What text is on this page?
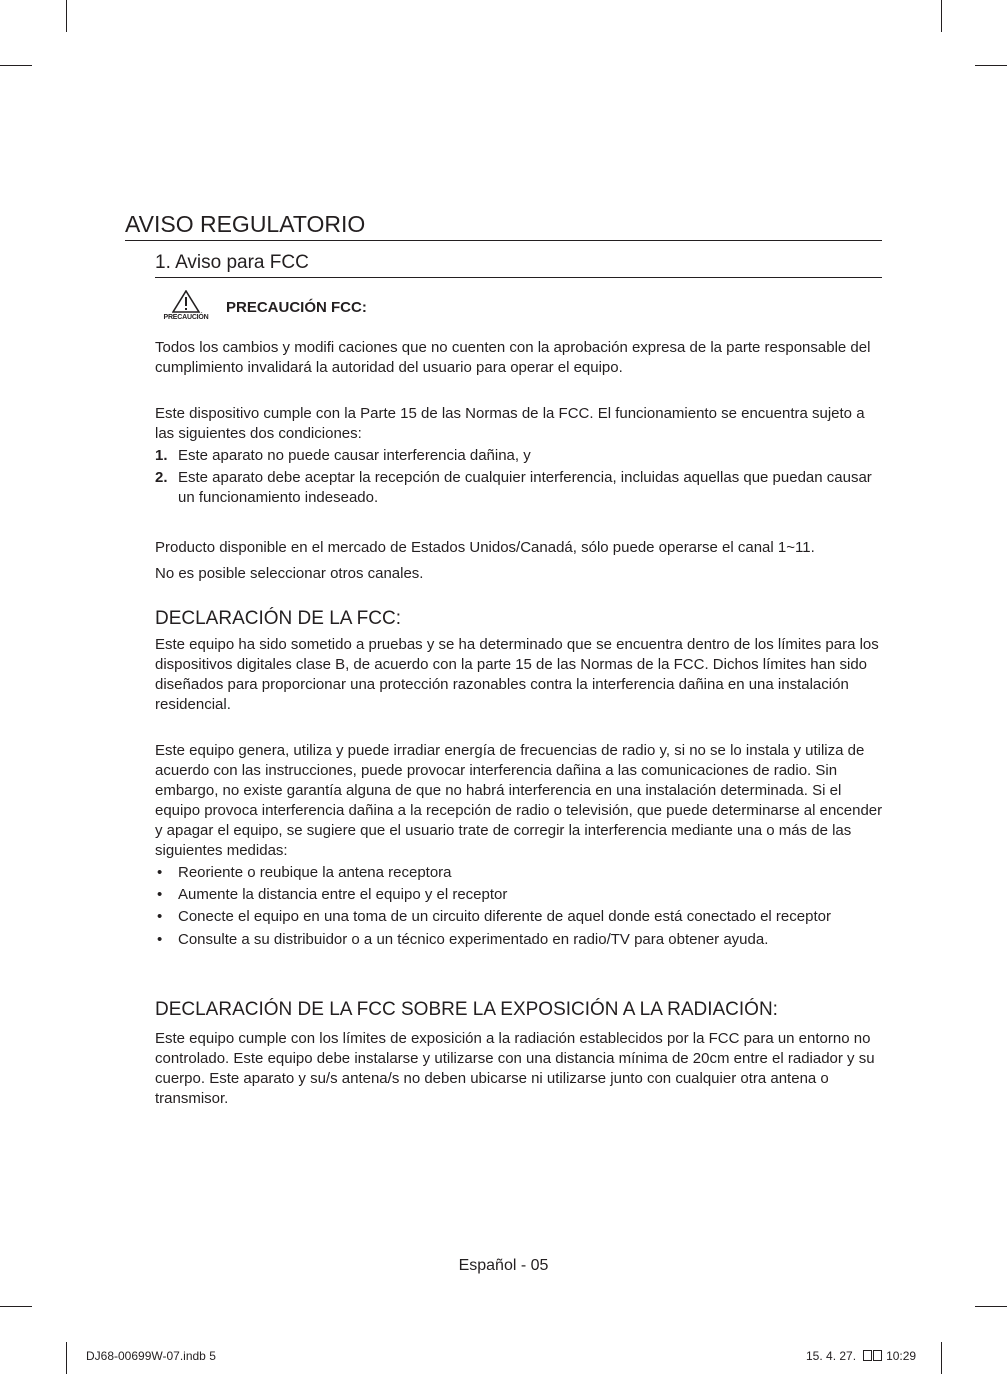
AVISO REGULATORIO
1. Aviso para FCC
PRECAUCIÓN
PRECAUCIÓN FCC:

Todos los cambios y modifi caciones que no cuenten con la aprobación expresa de la parte responsable del cumplimiento invalidará la autoridad del usuario para operar el equipo.

Este dispositivo cumple con la Parte 15 de las Normas de la FCC. El funcionamiento se encuentra sujeto a las siguientes dos condiciones:

1. Este aparato no puede causar interferencia dañina, y
2. Este aparato debe aceptar la recepción de cualquier interferencia, incluidas aquellas que puedan causar un funcionamiento indeseado.

Producto disponible en el mercado de Estados Unidos/Canadá, sólo puede operarse el canal 1~11.

No es posible seleccionar otros canales.

DECLARACIÓN DE LA FCC:

Este equipo ha sido sometido a pruebas y se ha determinado que se encuentra dentro de los límites para los dispositivos digitales clase B, de acuerdo con la parte 15 de las Normas de la FCC. Dichos límites han sido diseñados para proporcionar una protección razonables contra la interferencia dañina en una instalación residencial.

Este equipo genera, utiliza y puede irradiar energía de frecuencias de radio y, si no se lo instala y utiliza de acuerdo con las instrucciones, puede provocar interferencia dañina a las comunicaciones de radio. Sin embargo, no existe garantía alguna de que no habrá interferencia en una instalación determinada. Si el equipo provoca interferencia dañina a la recepción de radio o televisión, que puede determinarse al encender y apagar el equipo, se sugiere que el usuario trate de corregir la interferencia mediante una o más de las siguientes medidas:

• Reoriente o reubique la antena receptora
• Aumente la distancia entre el equipo y el receptor
• Conecte el equipo en una toma de un circuito diferente de aquel donde está conectado el receptor
• Consulte a su distribuidor o a un técnico experimentado en radio/TV para obtener ayuda.
DECLARACIÓN DE LA FCC SOBRE LA EXPOSICIÓN A LA RADIACIÓN:

Este equipo cumple con los límites de exposición a la radiación establecidos por la FCC para un entorno no controlado. Este equipo debe instalarse y utilizarse con una distancia mínima de 20cm entre el radiador y su cuerpo. Este aparato y su/s antena/s no deben ubicarse ni utilizarse junto con cualquier otra antena o transmisor.

Español - 05
DJ68-00699W-07.indb 5	15. 4. 27.	10:29
